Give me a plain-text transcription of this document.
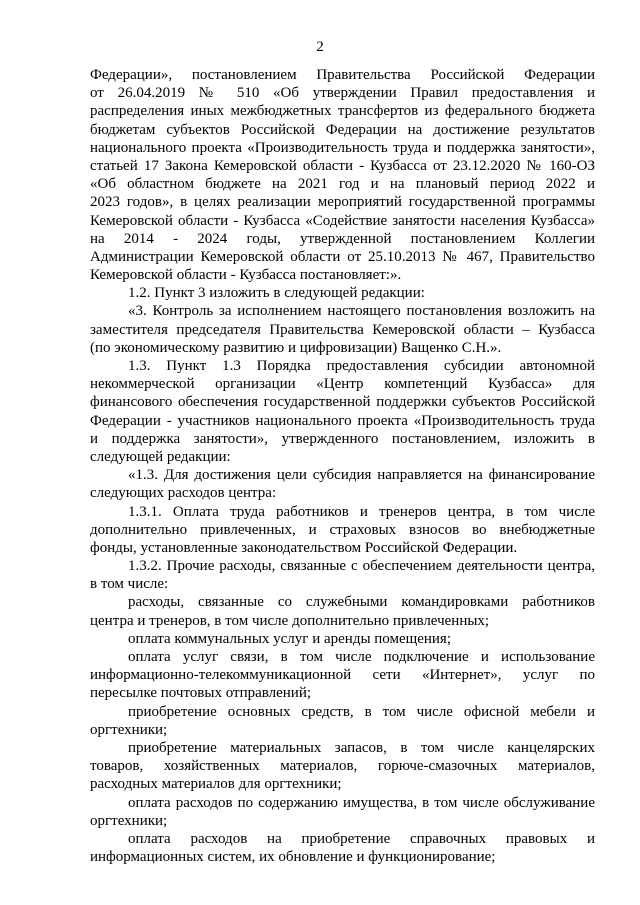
2
Федерации», постановлением Правительства Российской Федерации
от 26.04.2019 № 510 «Об утверждении Правил предоставления и
распределения иных межбюджетных трансфертов из федерального бюджета
бюджетам субъектов Российской Федерации на достижение результатов
национального проекта «Производительность труда и поддержка занятости»,
статьей 17 Закона Кемеровской области - Кузбасса от 23.12.2020 № 160-ОЗ
«Об областном бюджете на 2021 год и на плановый период 2022 и
2023 годов», в целях реализации мероприятий государственной программы
Кемеровской области - Кузбасса «Содействие занятости населения Кузбасса»
на 2014 - 2024 годы, утвержденной постановлением Коллегии
Администрации Кемеровской области от 25.10.2013 № 467, Правительство
Кемеровской области - Кузбасса постановляет:».
1.2. Пункт 3 изложить в следующей редакции:
«3. Контроль за исполнением настоящего постановления возложить на
заместителя председателя Правительства Кемеровской области – Кузбасса
(по экономическому развитию и цифровизации) Ващенко С.Н.».
1.3. Пункт 1.3 Порядка предоставления субсидии автономной
некоммерческой организации «Центр компетенций Кузбасса» для
финансового обеспечения государственной поддержки субъектов Российской
Федерации - участников национального проекта «Производительность труда
и поддержка занятости», утвержденного постановлением, изложить в
следующей редакции:
«1.3. Для достижения цели субсидия направляется на финансирование
следующих расходов центра:
1.3.1. Оплата труда работников и тренеров центра, в том числе
дополнительно привлеченных, и страховых взносов во внебюджетные
фонды, установленные законодательством Российской Федерации.
1.3.2. Прочие расходы, связанные с обеспечением деятельности центра,
в том числе:
расходы, связанные со служебными командировками работников
центра и тренеров, в том числе дополнительно привлеченных;
оплата коммунальных услуг и аренды помещения;
оплата услуг связи, в том числе подключение и использование
информационно-телекоммуникационной сети «Интернет», услуг по
пересылке почтовых отправлений;
приобретение основных средств, в том числе офисной мебели и
оргтехники;
приобретение материальных запасов, в том числе канцелярских
товаров, хозяйственных материалов, горюче-смазочных материалов,
расходных материалов для оргтехники;
оплата расходов по содержанию имущества, в том числе обслуживание
оргтехники;
оплата расходов на приобретение справочных правовых и
информационных систем, их обновление и функционирование;
